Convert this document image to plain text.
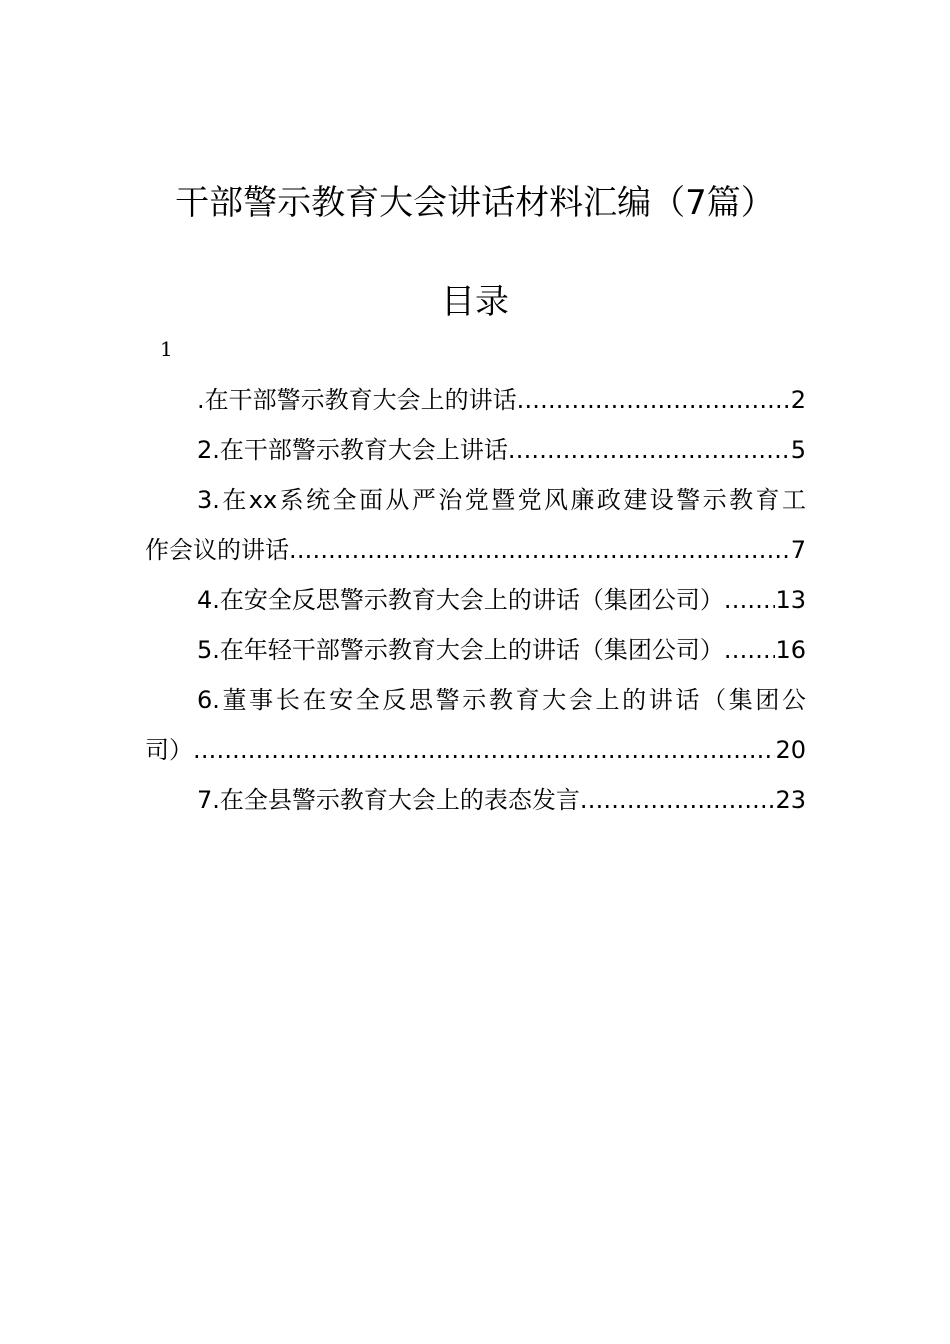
干部警示教育大会讲话材料汇编（7篇）
目录
1
.在干部警示教育大会上的讲话 .....	2
2.在干部警示教育大会上讲话 .....	5
3.在xx系统全面从严治党暨党风廉政建设警示教育工
作会议的讲话 .....	7
4.在安全反思警示教育大会上的讲话（集团公司） ..... 13
5.在年轻干部警示教育大会上的讲话（集团公司） ..... 16
6.董事长在安全反思警示教育大会上的讲话（集团公
司） .....	20
7.在全县警示教育大会上的表态发言 .....	23
